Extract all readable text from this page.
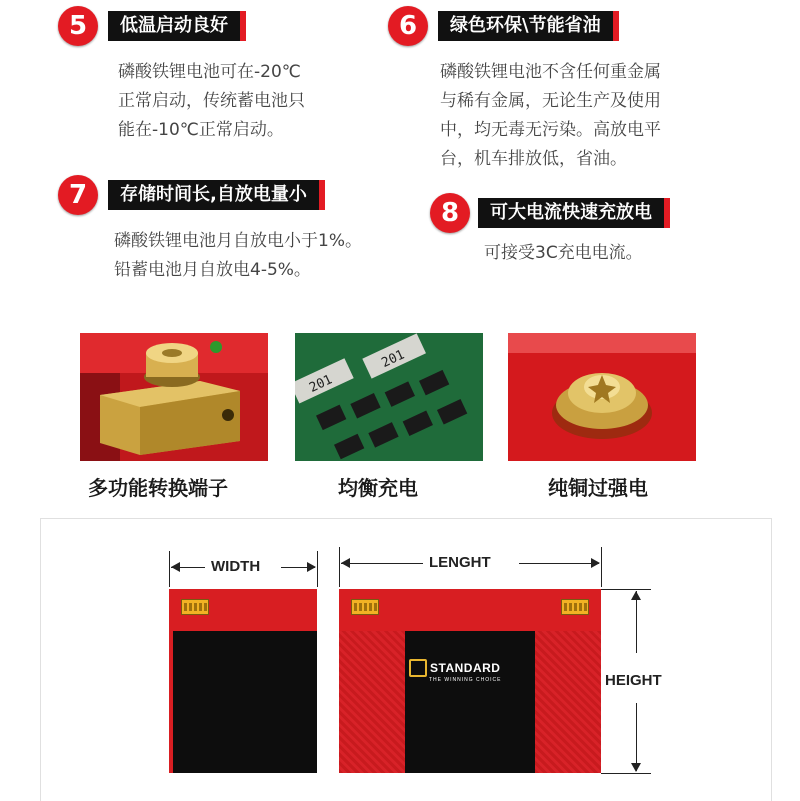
5	低温启动良好
磷酸铁锂电池可在-20℃
正常启动，传统蓄电池只
能在-10℃正常启动。
6	绿色环保\节能省油
磷酸铁锂电池不含任何重金属
与稀有金属，无论生产及使用
中，均无毒无污染。高放电平
台，机车排放低，省油。
7	存储时间长,自放电量小
磷酸铁锂电池月自放电小于1%。
铅蓄电池月自放电4-5%。
8	可大电流快速充放电
可接受3C充电电流。
多功能转换端子
201
201
均衡充电	纯铜过强电
WIDTH	LENGHT
HEIGHT
STANDARD
THE WINNING CHOICE
